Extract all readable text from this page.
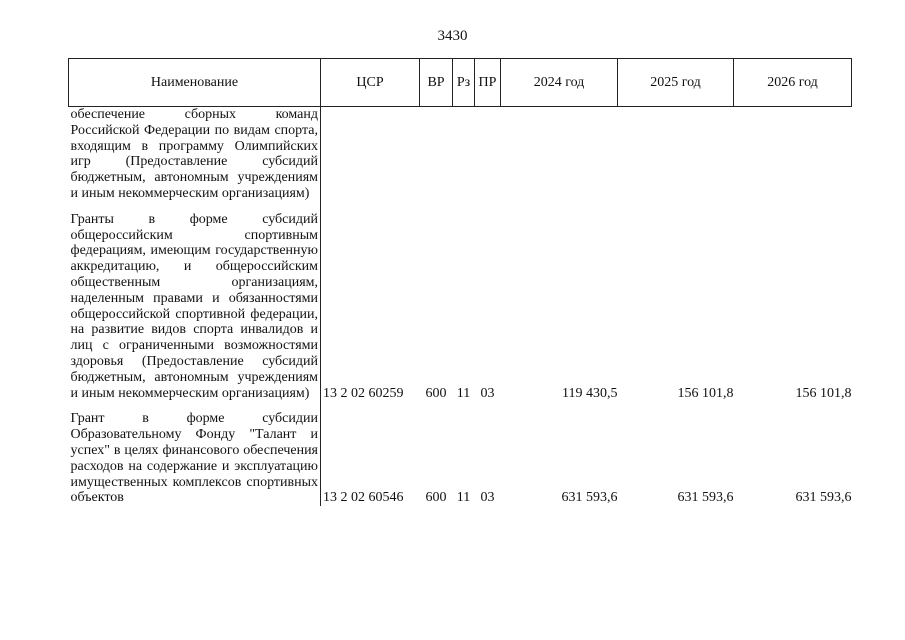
3430
Наименование	ЦСР	ВР	Рз	ПР	2024 год	2025 год	2026 год
обеспечение сборных команд Российской Федерации по видам спорта, входящим в программу Олимпийских игр (Предоставление субсидий бюджетным, автономным учреждениям и иным некоммерческим организациям)							

Гранты в форме субсидий общероссийским спортивным федерациям, имеющим государственную аккредитацию, и общероссийским общественным организациям, наделенным правами и обязанностями общероссийской спортивной федерации, на развитие видов спорта инвалидов и лиц с ограниченными возможностями здоровья (Предоставление субсидий бюджетным, автономным учреждениям и иным некоммерческим организациям)	13 2 02 60259	600	11	03	119 430,5	156 101,8	156 101,8

Грант в форме субсидии Образовательному Фонду "Талант и успех" в целях финансового обеспечения расходов на содержание и эксплуатацию имущественных комплексов спортивных объектов	13 2 02 60546	600	11	03	631 593,6	631 593,6	631 593,6
